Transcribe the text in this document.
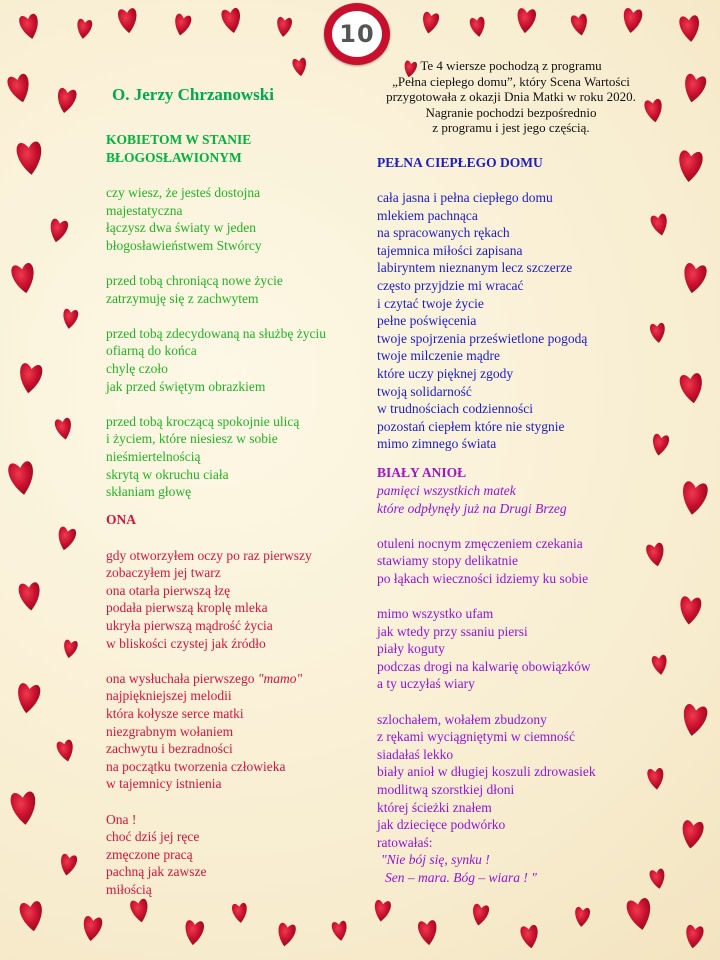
10
O. Jerzy Chrzanowski
Te 4 wiersze pochodzą z programu
„Pełna ciepłego domu”, który Scena Wartości
przygotowała z okazji Dnia Matki w roku 2020.
Nagranie pochodzi bezpośrednio
z programu i jest jego częścią.
KOBIETOM W STANIE
BŁOGOSŁAWIONYM
czy wiesz, że jesteś dostojna
majestatyczna
łączysz dwa światy w jeden
błogosławieństwem Stwórcy
przed tobą chroniącą nowe życie
zatrzymuję się z zachwytem
przed tobą zdecydowaną na służbę życiu
ofiarną do końca
chylę czoło
jak przed świętym obrazkiem
przed tobą kroczącą spokojnie ulicą
i życiem, które niesiesz w sobie
nieśmiertelnością
skrytą w okruchu ciała
skłaniam głowę
ONA
gdy otworzyłem oczy po raz pierwszy
zobaczyłem jej twarz
ona otarła pierwszą łzę
podała pierwszą kroplę mleka
ukryła pierwszą mądrość życia
w bliskości czystej jak źródło
ona wysłuchała pierwszego "mamo"
najpiękniejszej melodii
która kołysze serce matki
niezgrabnym wołaniem
zachwytu i bezradności
na początku tworzenia człowieka
w tajemnicy istnienia
Ona !
choć dziś jej ręce
zmęczone pracą
pachną jak zawsze
miłością
PEŁNA CIEPŁEGO DOMU
cała jasna i pełna ciepłego domu
mlekiem pachnąca
na spracowanych rękach
tajemnica miłości zapisana
labiryntem nieznanym lecz szczerze
często przyjdzie mi wracać
i czytać twoje życie
pełne poświęcenia
twoje spojrzenia prześwietlone pogodą
twoje milczenie mądre
które uczy pięknej zgody
twoją solidarność
w trudnościach codzienności
pozostań ciepłem które nie stygnie
mimo zimnego świata
BIAŁY ANIOŁ
pamięci wszystkich matek
które odpłynęły już na Drugi Brzeg
otuleni nocnym zmęczeniem czekania
stawiamy stopy delikatnie
po łąkach wieczności idziemy ku sobie
mimo wszystko ufam
jak wtedy przy ssaniu piersi
piały koguty
podczas drogi na kalwarię obowiązków
a ty uczyłaś wiary
szlochałem, wołałem zbudzony
z rękami wyciągniętymi w ciemność
siadałaś lekko
biały anioł w długiej koszuli zdrowasiek
modlitwą szorstkiej dłoni
której ścieżki znałem
jak dziecięce podwórko
ratowałaś:
"Nie bój się, synku !
Sen – mara. Bóg – wiara ! "
